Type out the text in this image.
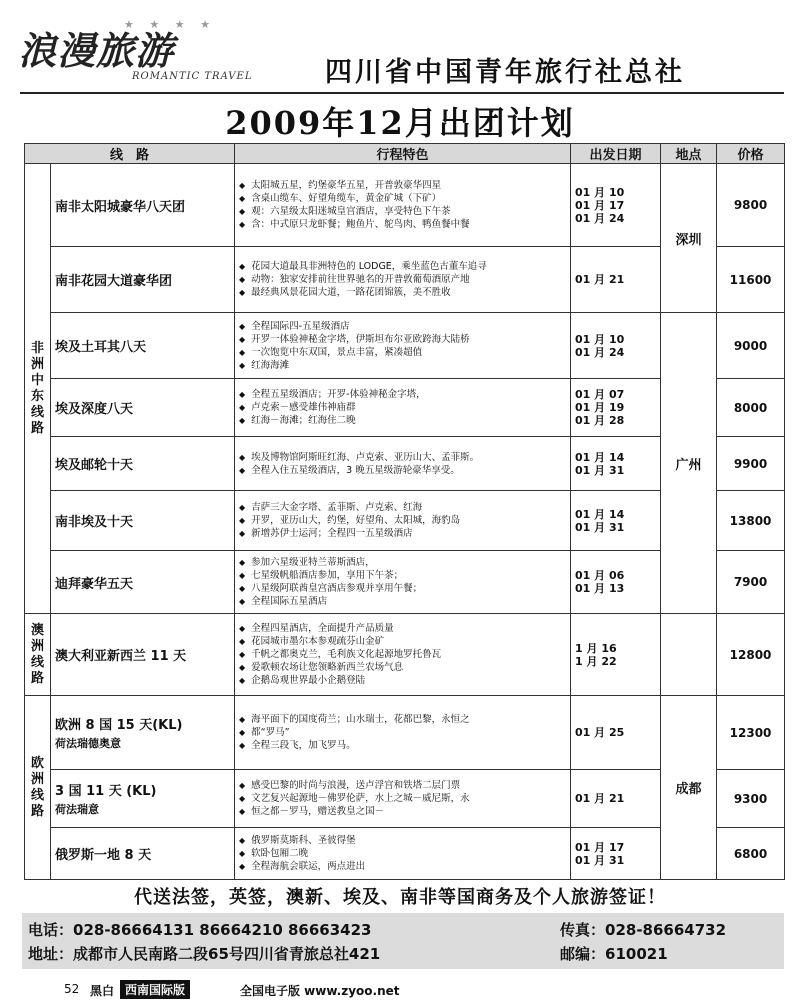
★ ★ ★ ★
浪漫旅游
ROMANTIC TRAVEL	四川省中国青年旅行社总社
2009年12月出团计划
线　路		行程特色	出发日期	地点	价格
非洲中东线路	南非太阳城豪华八天团	◆ 太阳城五星，约堡豪华五星，开普敦豪华四星
◆ 含桌山缆车、好望角缆车，黄金矿城（下矿）
◆ 观：六星级太阳迷城皇宫酒店，享受特色下午茶
◆ 含：中式原只龙虾餐；鲍鱼片、鸵鸟肉、鸭鱼餐中餐	01 月 10
01 月 17
01 月 24	深圳	9800
	南非花园大道豪华团	◆ 花园大道最具非洲特色的 LODGE，乘坐蓝色古董车追寻
◆ 动物：独家安排前往世界驰名的开普敦葡萄酒原产地
◆ 最经典风景花园大道，一路花团锦簇，美不胜收	01 月 21		11600
	埃及土耳其八天	◆ 全程国际四-五星级酒店
◆ 开罗一体验神秘金字塔，伊斯坦布尔亚欧跨海大陆桥
◆ 一次饱览中东双国，景点丰富，紧凑超值
◆ 红海海滩	01 月 10
01 月 24	广州	9000
	埃及深度八天	◆ 全程五星级酒店；开罗-体验神秘金字塔，
◆ 卢克索－感受雄伟神庙群
◆ 红海－海滩；红海住二晚	01 月 07
01 月 19
01 月 28		8000
	埃及邮轮十天	◆ 埃及博物馆阿斯旺红海、卢克索、亚历山大、孟菲斯。
◆ 全程入住五星级酒店，3 晚五星级游轮豪华享受。	01 月 14
01 月 31		9900
	南非埃及十天	◆ 吉萨三大金字塔、孟菲斯、卢克索、红海
◆ 开罗，亚历山大，约堡，好望角、太阳城，海豹岛
◆ 新增苏伊士运河；全程四一五星级酒店	01 月 14
01 月 31		13800
	迪拜豪华五天	◆ 参加六星级亚特兰蒂斯酒店，
◆ 七星级帆船酒店参加，享用下午茶；
◆ 八星级阿联酋皇宫酒店参观并享用午餐；
◆ 全程国际五星酒店	01 月 06
01 月 13		7900
澳洲线路	澳大利亚新西兰 11 天	◆ 全程四星酒店，全面提升产品质量
◆ 花园城市墨尔本参观疏芬山金矿
◆ 千帆之都奥克兰，毛利族文化起源地罗托鲁瓦
◆ 爱歌顿农场让您领略新西兰农场气息
◆ 企鹅岛观世界最小企鹅登陆	1 月 16
1 月 22		12800
欧洲线路	欧洲 8 国 15 天(KL)
荷法瑞德奥意	◆ 海平面下的国度荷兰；山水瑞士，花都巴黎，永恒之
◆ 都“罗马”
◆ 全程三段飞，加飞罗马。	01 月 25	成都	12300
	3 国 11 天 (KL)
荷法瑞意	◆ 感受巴黎的时尚与浪漫，送卢浮宫和铁塔二层门票
◆ 文艺复兴起源地－佛罗伦萨，水上之城－威尼斯，永
◆ 恒之都－罗马，赠送教皇之国－	01 月 21		9300
	俄罗斯一地 8 天	◆ 俄罗斯莫斯科、圣彼得堡
◆ 软卧包厢二晚
◆ 全程海航会联运，两点进出	01 月 17
01 月 31		6800
代送法签，英签，澳新、埃及、南非等国商务及个人旅游签证！
电话：028-86664131 86664210 86663423	传真：028-86664732
地址：成都市人民南路二段65号四川省青旅总社421	邮编：610021
52 黑白 西南国际版	全国电子版 www.zyoo.net
